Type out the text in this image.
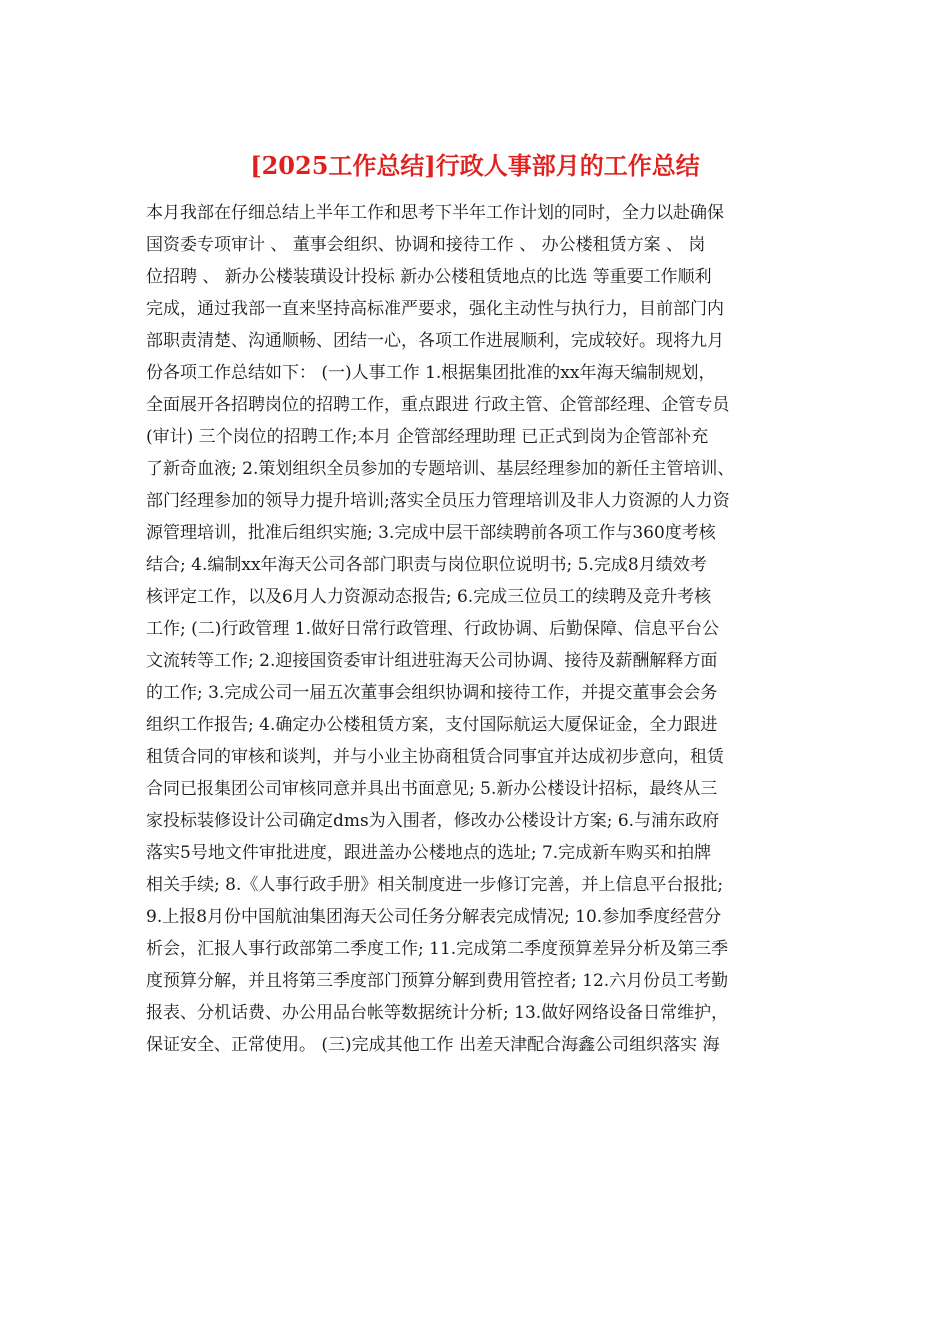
[2025工作总结]行政人事部月的工作总结
本月我部在仔细总结上半年工作和思考下半年工作计划的同时，全力以赴确保
国资委专项审计 、 董事会组织、协调和接待工作 、 办公楼租赁方案 、 岗
位招聘 、 新办公楼装璜设计投标 新办公楼租赁地点的比选 等重要工作顺利
完成，通过我部一直来坚持高标准严要求，强化主动性与执行力，目前部门内
部职责清楚、沟通顺畅、团结一心，各项工作进展顺利，完成较好。现将九月
份各项工作总结如下： (一)人事工作 1.根据集团批准的xx年海天编制规划，
全面展开各招聘岗位的招聘工作，重点跟进 行政主管、企管部经理、企管专员
(审计) 三个岗位的招聘工作;本月 企管部经理助理 已正式到岗为企管部补充
了新奇血液; 2.策划组织全员参加的专题培训、基层经理参加的新任主管培训、
部门经理参加的领导力提升培训;落实全员压力管理培训及非人力资源的人力资
源管理培训，批准后组织实施; 3.完成中层干部续聘前各项工作与360度考核
结合; 4.编制xx年海天公司各部门职责与岗位职位说明书; 5.完成8月绩效考
核评定工作，以及6月人力资源动态报告; 6.完成三位员工的续聘及竞升考核
工作; (二)行政管理 1.做好日常行政管理、行政协调、后勤保障、信息平台公
文流转等工作; 2.迎接国资委审计组进驻海天公司协调、接待及薪酬解释方面
的工作; 3.完成公司一届五次董事会组织协调和接待工作，并提交董事会会务
组织工作报告; 4.确定办公楼租赁方案，支付国际航运大厦保证金，全力跟进
租赁合同的审核和谈判，并与小业主协商租赁合同事宜并达成初步意向，租赁
合同已报集团公司审核同意并具出书面意见; 5.新办公楼设计招标，最终从三
家投标装修设计公司确定dms为入围者，修改办公楼设计方案; 6.与浦东政府
落实5号地文件审批进度，跟进盖办公楼地点的选址; 7.完成新车购买和拍牌
相关手续; 8.《人事行政手册》相关制度进一步修订完善，并上信息平台报批;
9.上报8月份中国航油集团海天公司任务分解表完成情况; 10.参加季度经营分
析会，汇报人事行政部第二季度工作; 11.完成第二季度预算差异分析及第三季
度预算分解，并且将第三季度部门预算分解到费用管控者; 12.六月份员工考勤
报表、分机话费、办公用品台帐等数据统计分析; 13.做好网络设备日常维护，
保证安全、正常使用。 (三)完成其他工作 出差天津配合海鑫公司组织落实 海
